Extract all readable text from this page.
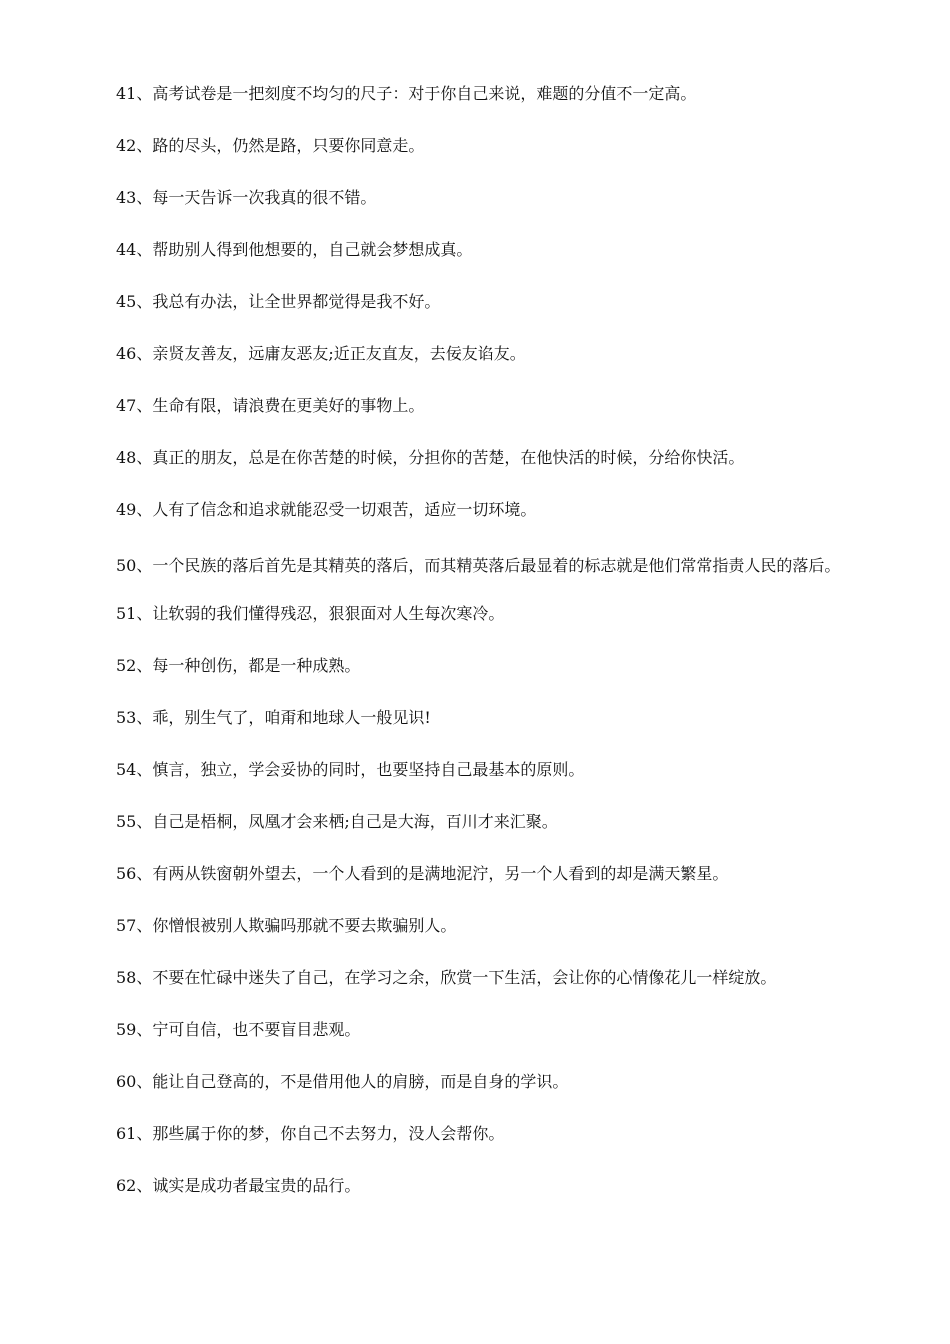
41、高考试卷是一把刻度不均匀的尺子：对于你自己来说，难题的分值不一定高。

42、路的尽头，仍然是路，只要你同意走。

43、每一天告诉一次我真的很不错。

44、帮助别人得到他想要的，自己就会梦想成真。

45、我总有办法，让全世界都觉得是我不好。

46、亲贤友善友，远庸友恶友;近正友直友，去佞友谄友。

47、生命有限，请浪费在更美好的事物上。

48、真正的朋友，总是在你苦楚的时候，分担你的苦楚，在他快活的时候，分给你快活。

49、人有了信念和追求就能忍受一切艰苦，适应一切环境。

50、一个民族的落后首先是其精英的落后，而其精英落后最显着的标志就是他们常常指责人民的落后。

51、让软弱的我们懂得残忍，狠狠面对人生每次寒冷。

52、每一种创伤，都是一种成熟。

53、乖，别生气了，咱甭和地球人一般见识!

54、慎言，独立，学会妥协的同时，也要坚持自己最基本的原则。

55、自己是梧桐，凤凰才会来栖;自己是大海，百川才来汇聚。

56、有两从铁窗朝外望去，一个人看到的是满地泥泞，另一个人看到的却是满天繁星。

57、你憎恨被别人欺骗吗那就不要去欺骗别人。

58、不要在忙碌中迷失了自己，在学习之余，欣赏一下生活，会让你的心情像花儿一样绽放。

59、宁可自信，也不要盲目悲观。

60、能让自己登高的，不是借用他人的肩膀，而是自身的学识。

61、那些属于你的梦，你自己不去努力，没人会帮你。

62、诚实是成功者最宝贵的品行。
